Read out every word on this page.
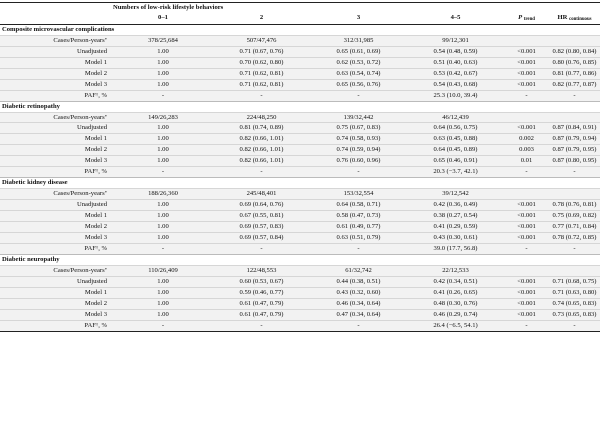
	Numbers of low-risk lifestyle behaviors					
	0–1	2	3	4–5	P trend	HR continuous
Composite microvascular complications						
Cases/Person-years*	378/25,684	507/47,476	312/31,985	99/12,301		
Unadjusted	1.00	0.71 (0.67, 0.76)	0.65 (0.61, 0.69)	0.54 (0.48, 0.59)	<0.001	0.82 (0.80, 0.84)
Model 1	1.00	0.70 (0.62, 0.80)	0.62 (0.53, 0.72)	0.51 (0.40, 0.63)	<0.001	0.80 (0.76, 0.85)
Model 2	1.00	0.71 (0.62, 0.81)	0.63 (0.54, 0.74)	0.53 (0.42, 0.67)	<0.001	0.81 (0.77, 0.86)
Model 3	1.00	0.71 (0.62, 0.81)	0.65 (0.56, 0.76)	0.54 (0.43, 0.68)	<0.001	0.82 (0.77, 0.87)
PAF†, %	-	-	-	25.3 (10.0, 39.4)	-	-
Diabetic retinopathy						
Cases/Person-years*	149/26,283	224/48,250	139/32,442	46/12,439		
Unadjusted	1.00	0.81 (0.74, 0.89)	0.75 (0.67, 0.83)	0.64 (0.56, 0.75)	<0.001	0.87 (0.84, 0.91)
Model 1	1.00	0.82 (0.66, 1.01)	0.74 (0.58, 0.93)	0.63 (0.45, 0.88)	0.002	0.87 (0.79, 0.94)
Model 2	1.00	0.82 (0.66, 1.01)	0.74 (0.59, 0.94)	0.64 (0.45, 0.89)	0.003	0.87 (0.79, 0.95)
Model 3	1.00	0.82 (0.66, 1.01)	0.76 (0.60, 0.96)	0.65 (0.46, 0.91)	0.01	0.87 (0.80, 0.95)
PAF†, %	-	-	-	20.3 (−3.7, 42.1)	-	-
Diabetic kidney disease						
Cases/Person-years*	188/26,360	245/48,401	153/32,554	39/12,542		
Unadjusted	1.00	0.69 (0.64, 0.76)	0.64 (0.58, 0.71)	0.42 (0.36, 0.49)	<0.001	0.78 (0.76, 0.81)
Model 1	1.00	0.67 (0.55, 0.81)	0.58 (0.47, 0.73)	0.38 (0.27, 0.54)	<0.001	0.75 (0.69, 0.82)
Model 2	1.00	0.69 (0.57, 0.83)	0.61 (0.49, 0.77)	0.41 (0.29, 0.59)	<0.001	0.77 (0.71, 0.84)
Model 3	1.00	0.69 (0.57, 0.84)	0.63 (0.51, 0.79)	0.43 (0.30, 0.61)	<0.001	0.78 (0.72, 0.85)
PAF†, %	-	-	-	39.0 (17.7, 56.8)	-	-
Diabetic neuropathy						
Cases/Person-years*	110/26,409	122/48,553	61/32,742	22/12,533		
Unadjusted	1.00	0.60 (0.53, 0.67)	0.44 (0.38, 0.51)	0.42 (0.34, 0.51)	<0.001	0.71 (0.68, 0.75)
Model 1	1.00	0.59 (0.46, 0.77)	0.43 (0.32, 0.60)	0.41 (0.26, 0.65)	<0.001	0.71 (0.63, 0.80)
Model 2	1.00	0.61 (0.47, 0.79)	0.46 (0.34, 0.64)	0.48 (0.30, 0.76)	<0.001	0.74 (0.65, 0.83)
Model 3	1.00	0.61 (0.47, 0.79)	0.47 (0.34, 0.64)	0.46 (0.29, 0.74)	<0.001	0.73 (0.65, 0.83)
PAF†, %	-	-	-	26.4 (−6.5, 54.1)	-	-
